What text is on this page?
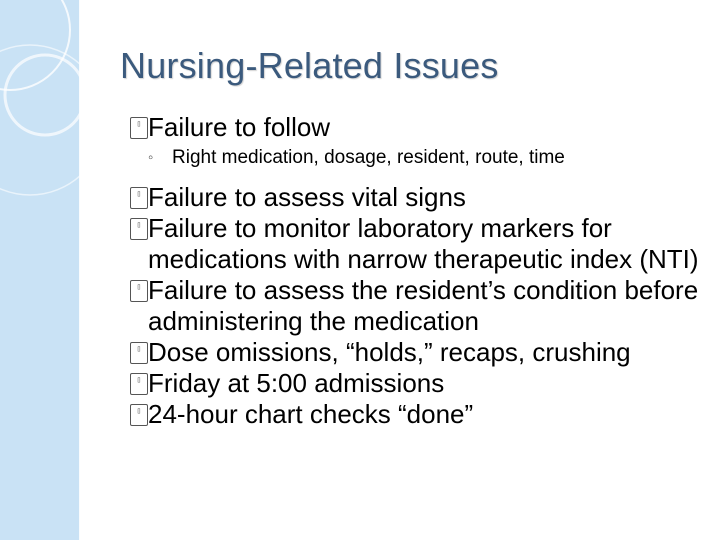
Nursing-Related Issues
▯ Failure to follow
◦ Right medication, dosage, resident, route, time
▯ Failure to assess vital signs
▯ Failure to monitor laboratory markers for medications with narrow therapeutic index (NTI)
▯ Failure to assess the resident’s condition before administering the medication
▯ Dose omissions, “holds,” recaps, crushing
▯ Friday at 5:00 admissions
▯ 24-hour chart checks “done”
